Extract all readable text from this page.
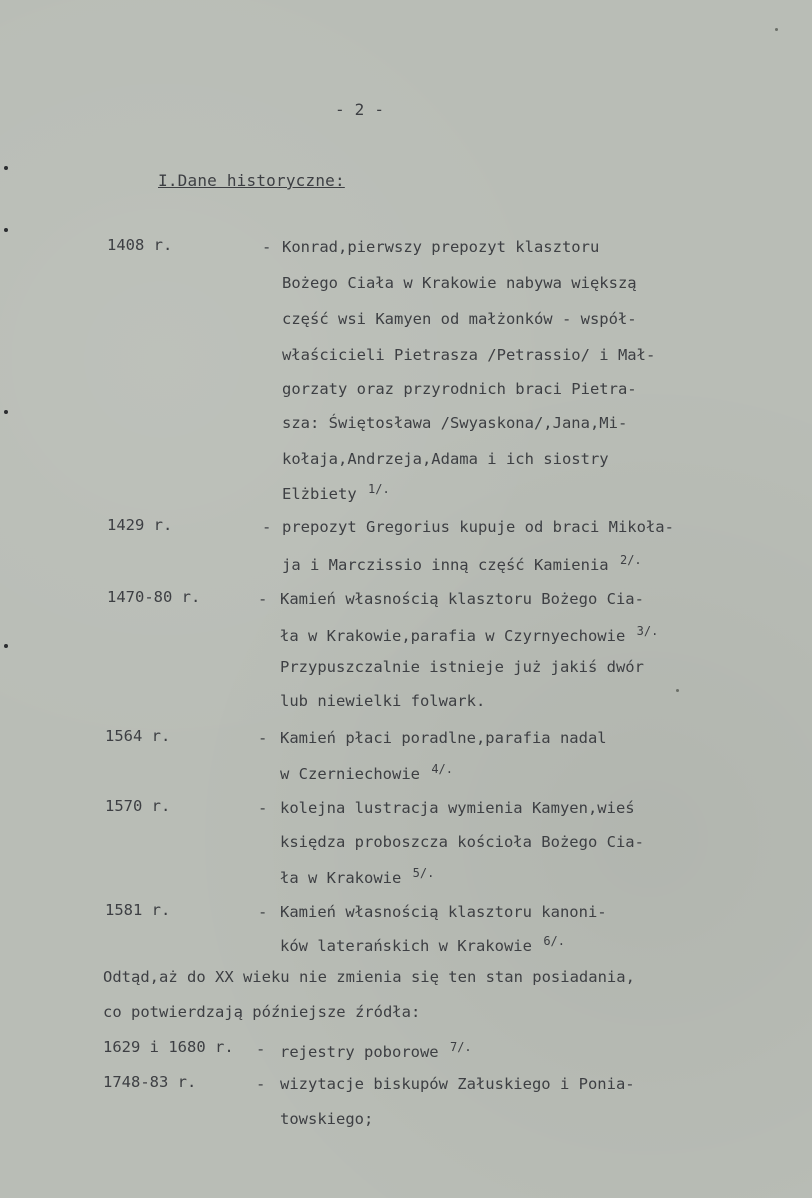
- 2 -
I.Dane historyczne:
1408 r.	- Konrad,pierwszy prepozyt klasztoru
Bożego Ciała w Krakowie nabywa większą
część wsi Kamyen od małżonków - współ-
właścicieli Pietrasza /Petrassio/ i Mał-
gorzaty oraz przyrodnich braci Pietra-
sza: Świętosława /Swyaskona/,Jana,Mi-
kołaja,Andrzeja,Adama i ich siostry
Elżbiety $^{1/.}$
1429 r.	- prepozyt Gregorius kupuje od braci Mikoła-
ja i Marczissio inną część Kamienia $^{2/.}$
1470-80 r.	- Kamień własnością klasztoru Bożego Cia-
ła w Krakowie,parafia w Czyrnyechowie $^{3/.}$
Przypuszczalnie istnieje już jakiś dwór
lub niewielki folwark.
1564 r.	- Kamień płaci poradlne,parafia nadal
w Czerniechowie $^{4/.}$
1570 r.	- kolejna lustracja wymienia Kamyen,wieś
księdza proboszcza kościoła Bożego Cia-
ła w Krakowie $^{5/.}$
1581 r.	- Kamień własnością klasztoru kanoni-
ków laterańskich w Krakowie $^{6/.}$
Odtąd,aż do XX wieku nie zmienia się ten stan posiadania,
co potwierdzają późniejsze źródła:
1629 i 1680 r. - rejestry poborowe $^{7/.}$
1748-83 r.	- wizytacje biskupów Załuskiego i Ponia-
towskiego;
